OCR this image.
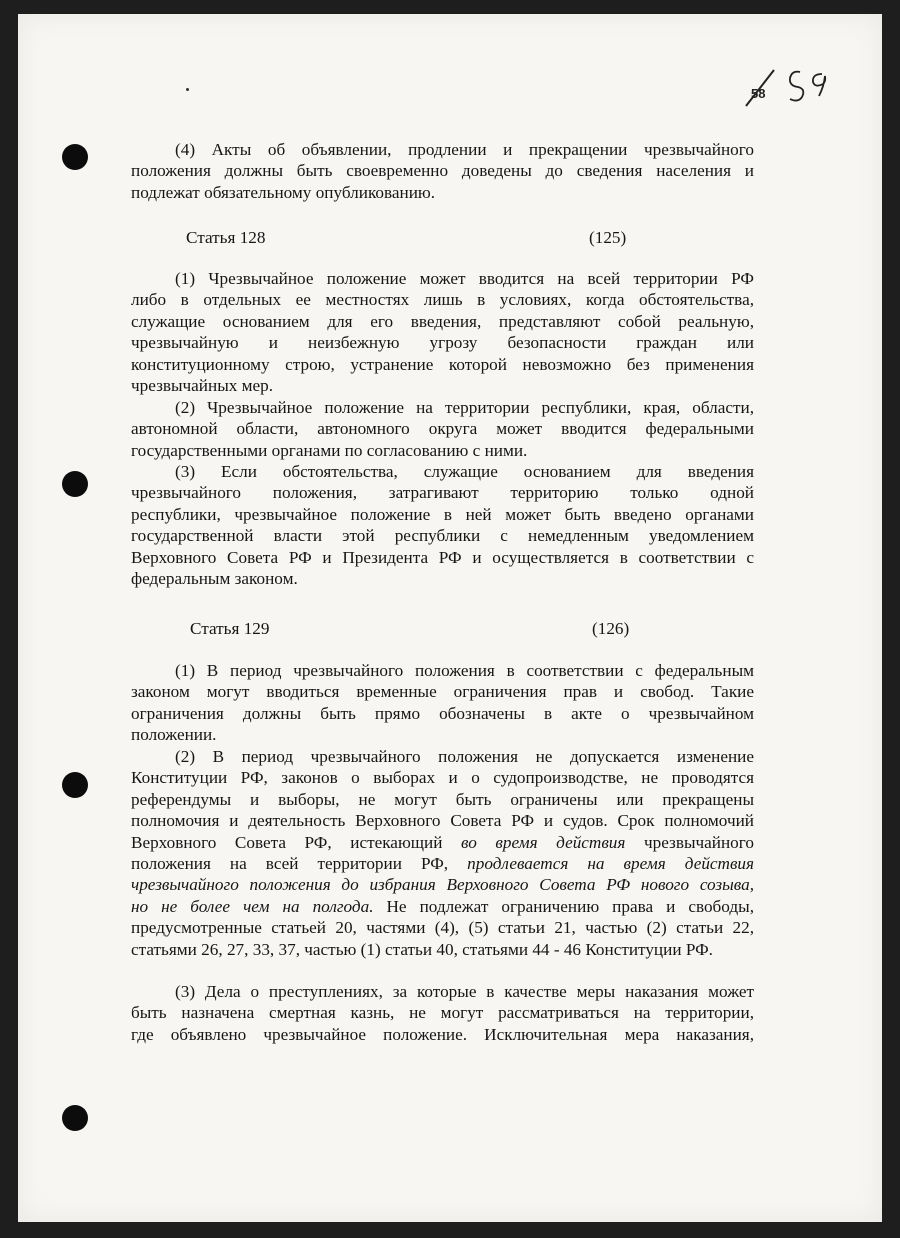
58
(4) Акты об объявлении, продлении и прекращении чрезвычайного
положения должны быть своевременно доведены до сведения населения и
подлежат обязательному опубликованию.
Статья 128	(125)
(1) Чрезвычайное положение может вводится на всей территории РФ
либо в отдельных ее местностях лишь в условиях, когда обстоятельства,
служащие основанием для его введения, представляют собой реальную,
чрезвычайную и неизбежную угрозу безопасности граждан или
конституционному строю, устранение которой невозможно без применения
чрезвычайных мер.
(2) Чрезвычайное положение на территории республики, края, области,
автономной области, автономного округа может вводится федеральными
государственными органами по согласованию с ними.
(3) Если обстоятельства, служащие основанием для введения
чрезвычайного положения, затрагивают территорию только одной
республики, чрезвычайное положение в ней может быть введено органами
государственной власти этой республики с немедленным уведомлением
Верховного Совета РФ и Президента РФ и осуществляется в соответствии с
федеральным законом.
Статья 129	(126)
(1) В период чрезвычайного положения в соответствии с федеральным
законом могут вводиться временные ограничения прав и свобод. Такие
ограничения должны быть прямо обозначены в акте о чрезвычайном
положении.
(2) В период чрезвычайного положения не допускается изменение
Конституции РФ, законов о выборах и о судопроизводстве, не проводятся
референдумы и выборы, не могут быть ограничены или прекращены
полномочия и деятельность Верховного Совета РФ и судов. Срок полномочий
Верховного Совета РФ, истекающий во время действия чрезвычайного
положения на всей территории РФ, продлевается на время действия
чрезвычайного положения до избрания Верховного Совета РФ нового созыва,
но не более чем на полгода. Не подлежат ограничению права и свободы,
предусмотренные статьей 20, частями (4), (5) статьи 21, частью (2) статьи 22,
статьями 26, 27, 33, 37, частью (1) статьи 40, статьями 44 - 46 Конституции РФ.
(3) Дела о преступлениях, за которые в качестве меры наказания может
быть назначена смертная казнь, не могут рассматриваться на территории,
где объявлено чрезвычайное положение. Исключительная мера наказания,
